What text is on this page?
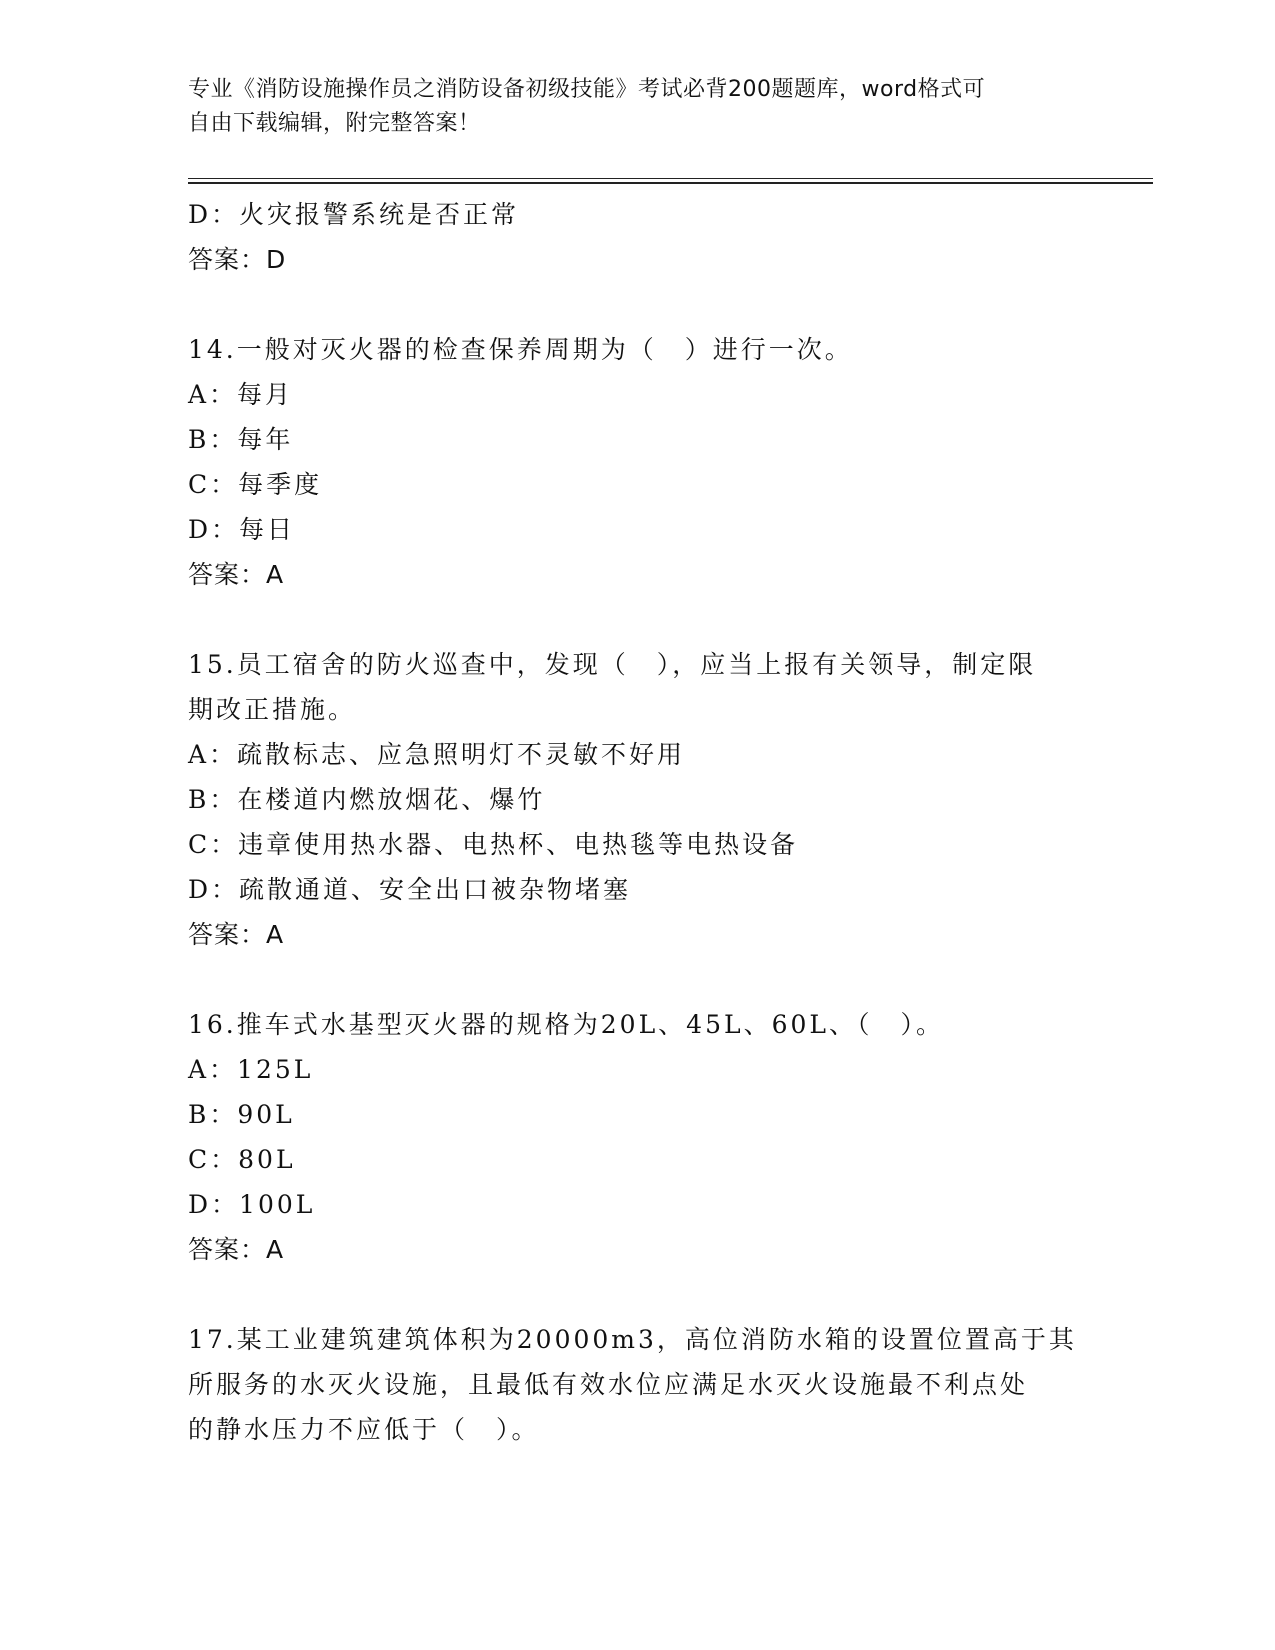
专业《消防设施操作员之消防设备初级技能》考试必背200题题库，word格式可
自由下载编辑，附完整答案！
D：火灾报警系统是否正常
答案：D
14.一般对灭火器的检查保养周期为（　）进行一次。
A：每月
B：每年
C：每季度
D：每日
答案：A
15.员工宿舍的防火巡查中，发现（　），应当上报有关领导，制定限
期改正措施。
A：疏散标志、应急照明灯不灵敏不好用
B：在楼道内燃放烟花、爆竹
C：违章使用热水器、电热杯、电热毯等电热设备
D：疏散通道、安全出口被杂物堵塞
答案：A
16.推车式水基型灭火器的规格为20L、45L、60L、（　）。
A：125L
B：90L
C：80L
D：100L
答案：A
17.某工业建筑建筑体积为20000m3，高位消防水箱的设置位置高于其
所服务的水灭火设施，且最低有效水位应满足水灭火设施最不利点处
的静水压力不应低于（　）。
